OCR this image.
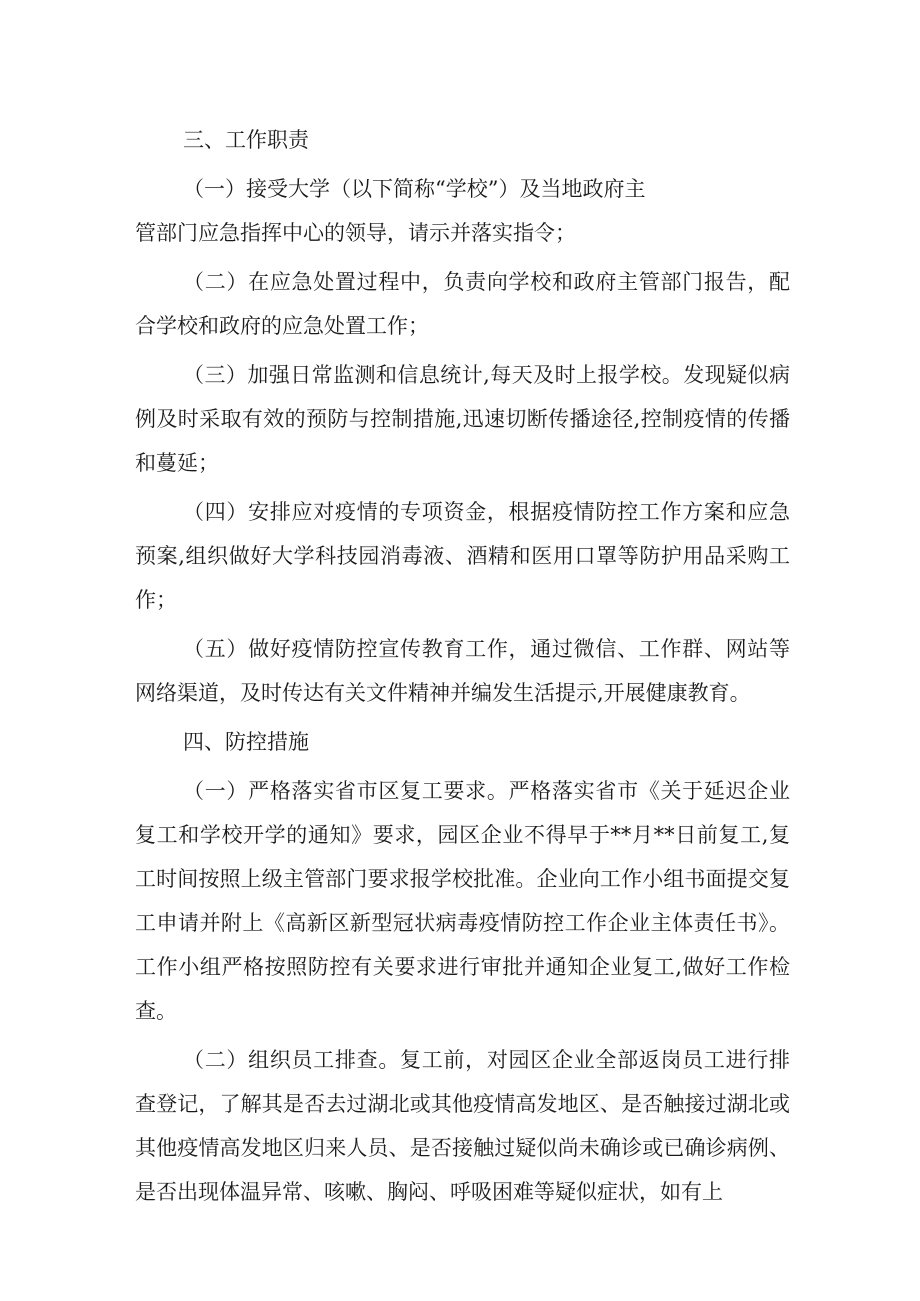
三、工作职责

（一）接受大学（以下简称“学校”）及当地政府主

管部门应急指挥中心的领导，请示并落实指令；

（二）在应急处置过程中，负责向学校和政府主管部门报告，配合学校和政府的应急处置工作；

（三）加强日常监测和信息统计,每天及时上报学校。发现疑似病例及时采取有效的预防与控制措施,迅速切断传播途径,控制疫情的传播和蔓延；

（四）安排应对疫情的专项资金，根据疫情防控工作方案和应急预案,组织做好大学科技园消毒液、酒精和医用口罩等防护用品采购工作；

（五）做好疫情防控宣传教育工作，通过微信、工作群、网站等网络渠道，及时传达有关文件精神并编发生活提示,开展健康教育。

四、防控措施

（一）严格落实省市区复工要求。严格落实省市《关于延迟企业复工和学校开学的通知》要求，园区企业不得早于**月**日前复工,复工时间按照上级主管部门要求报学校批准。企业向工作小组书面提交复工申请并附上《高新区新型冠状病毒疫情防控工作企业主体责任书》。工作小组严格按照防控有关要求进行审批并通知企业复工,做好工作检查。

（二）组织员工排查。复工前，对园区企业全部返岗员工进行排查登记，了解其是否去过湖北或其他疫情高发地区、是否触接过湖北或其他疫情高发地区归来人员、是否接触过疑似尚未确诊或已确诊病例、是否出现体温异常、咳嗽、胸闷、呼吸困难等疑似症状，如有上
